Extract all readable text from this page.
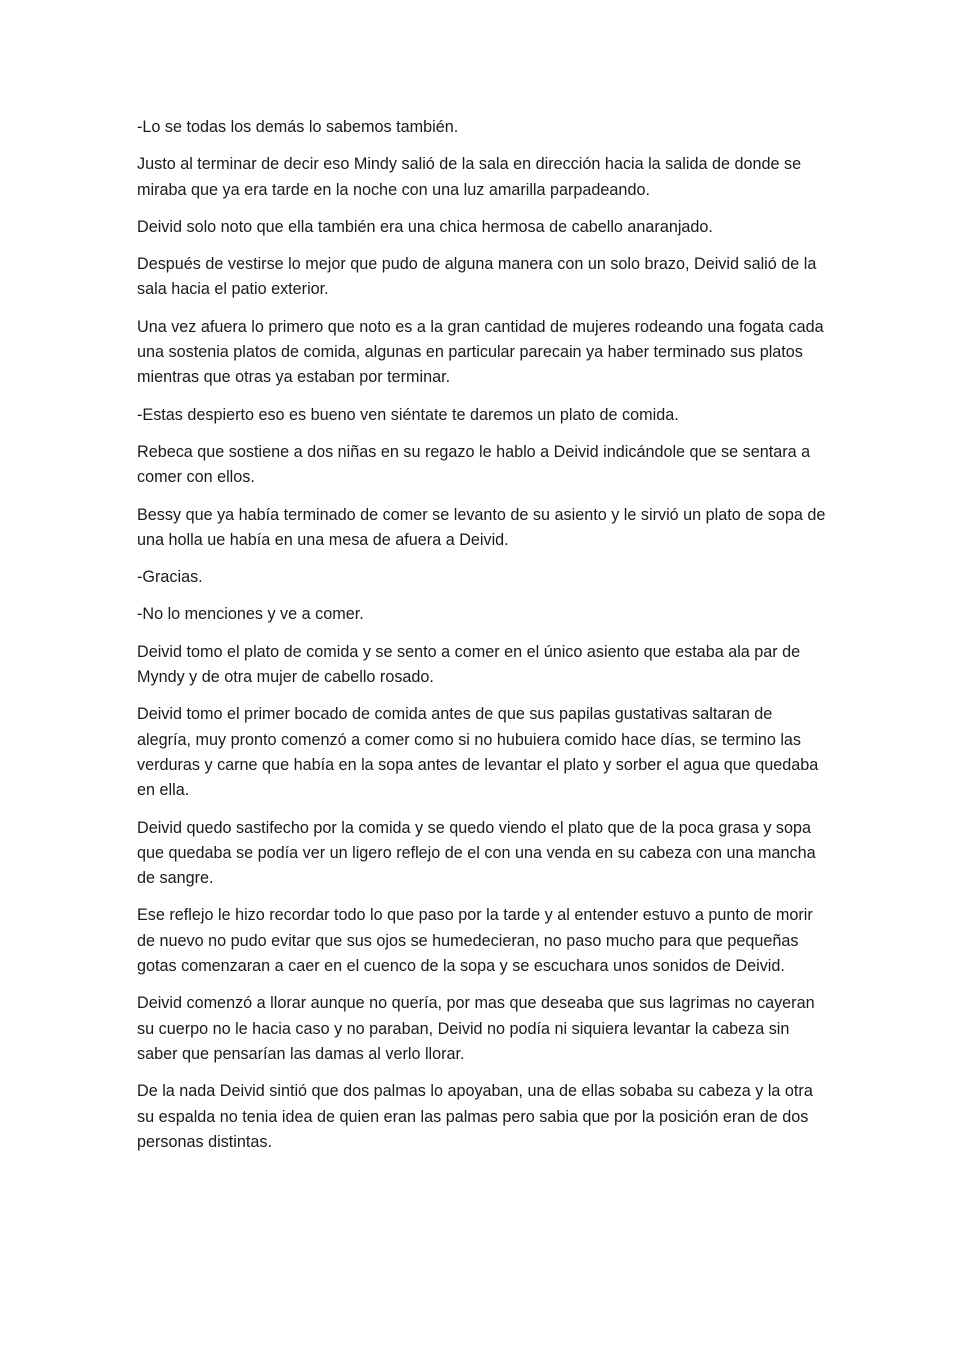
-Lo se todas los demás lo sabemos también.

Justo al terminar de decir eso Mindy salió de la sala en dirección hacia la salida de donde se miraba que ya era tarde en la noche con una luz amarilla parpadeando.

Deivid solo noto que ella también era una chica hermosa de cabello anaranjado.

Después de vestirse lo mejor que pudo de alguna manera con un solo brazo, Deivid salió de la sala hacia el patio exterior.

Una vez afuera lo primero que noto es a la gran cantidad de mujeres rodeando una fogata cada una sostenia platos de comida, algunas en particular parecain ya haber terminado sus platos mientras que otras ya estaban por terminar.

-Estas despierto eso es bueno ven siéntate te daremos un plato de comida.

Rebeca que sostiene a dos niñas en su regazo le hablo a Deivid indicándole que se sentara a comer con ellos.

Bessy que ya había terminado de comer se levanto de su asiento y le sirvió un plato de sopa de una holla ue había en una mesa de afuera a Deivid.

-Gracias.

-No lo menciones y ve a comer.

Deivid tomo el plato de comida y se sento a comer en el único asiento que estaba ala par de Myndy y de otra mujer de cabello rosado.

Deivid tomo el primer bocado de comida antes de que sus papilas gustativas saltaran de alegría, muy pronto comenzó a comer como si no hubuiera comido hace días, se termino las verduras y carne que había en la sopa antes de levantar el plato y sorber el agua que quedaba en ella.

Deivid quedo sastifecho por la comida y se quedo viendo el plato que de la poca grasa y sopa que quedaba se podía ver un ligero reflejo de el con una venda en su cabeza con una mancha de sangre.

Ese reflejo le hizo recordar todo lo que paso por la tarde y al entender estuvo a punto de morir de nuevo no pudo evitar que sus ojos se humedecieran, no paso mucho para que pequeñas gotas comenzaran a caer en el cuenco de la sopa y se escuchara unos sonidos de Deivid.

Deivid comenzó a llorar aunque no quería, por mas que deseaba que sus lagrimas no cayeran su cuerpo no le hacia caso y no paraban, Deivid no podía ni siquiera levantar la cabeza sin saber que pensarían las damas al verlo llorar.

De la nada Deivid sintió que dos palmas lo apoyaban, una de ellas sobaba su cabeza y la otra su espalda no tenia idea de quien eran las palmas pero sabia que por la posición eran de dos personas distintas.
